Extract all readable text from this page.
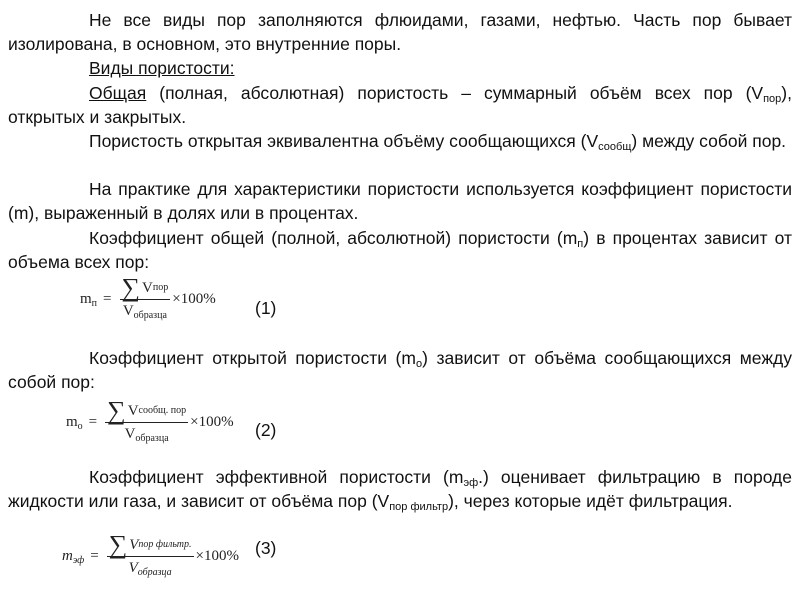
Не все виды пор заполняются флюидами, газами, нефтью. Часть пор бывает изолирована, в основном, это внутренние поры.
Виды пористости:
Общая (полная, абсолютная) пористость – суммарный объём всех пор $(V_{пор})$, открытых и закрытых.
Пористость открытая эквивалентна объёму сообщающихся $(V_{сообщ})$ между собой пор.
На практике для характеристики пористости используется коэффициент пористости (m), выраженный в долях или в процентах.
Коэффициент общей (полной, абсолютной) пористости $(m_п)$ в процентах зависит от объема всех пор:
$m_п = \frac{\text{∑ V пор}}{\text{Vобразца}} \times 100\%$ (1)
Коэффициент открытой пористости $(m_о)$ зависит от объёма сообщающихся между собой пор:
$m_о = \frac{\text{∑ V сообщ. пор}}{\text{Vобразца}} \times 100\%$ (2)
Коэффициент эффективной пористости $(m_{эф}.)$ оценивает фильтрацию в породе жидкости или газа, и зависит от объёма пор $(V_{пор фильтр})$, через которые идёт фильтрация.
$m_{эф} = \frac{\text{∑ V пор фильтр.}}{\text{Vобразца}} \times 100\%$ (3)
